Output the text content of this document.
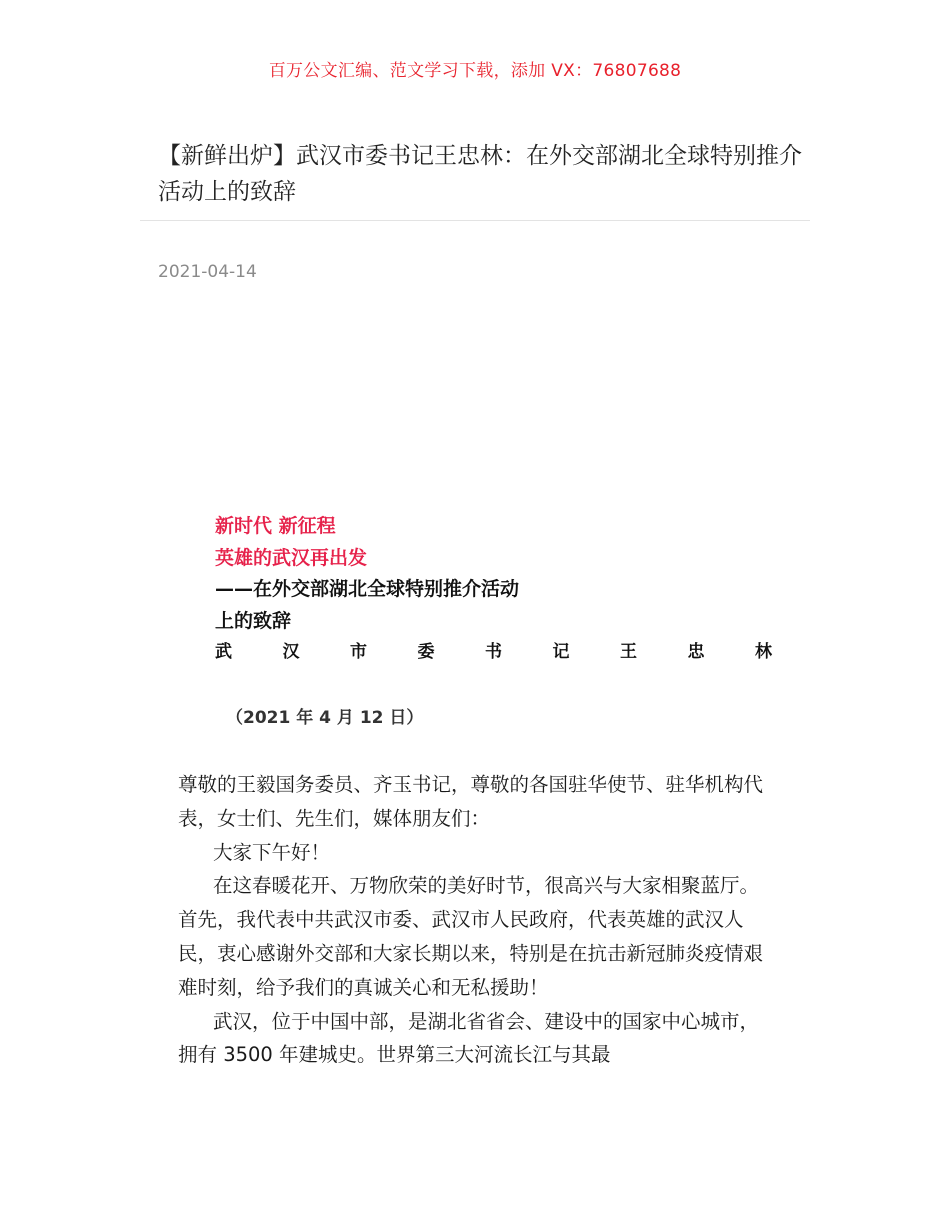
百万公文汇编、范文学习下载，添加 VX：76807688
【新鲜出炉】武汉市委书记王忠林：在外交部湖北全球特别推介活动上的致辞
2021-04-14
新时代 新征程
英雄的武汉再出发
——在外交部湖北全球特别推介活动
上的致辞
武	汉	市	委	书	记	王	忠	林
（2021 年 4 月 12 日）

尊敬的王毅国务委员、齐玉书记，尊敬的各国驻华使节、驻华机构代表，女士们、先生们，媒体朋友们：

大家下午好！

在这春暖花开、万物欣荣的美好时节，很高兴与大家相聚蓝厅。首先，我代表中共武汉市委、武汉市人民政府，代表英雄的武汉人民，衷心感谢外交部和大家长期以来，特别是在抗击新冠肺炎疫情艰难时刻，给予我们的真诚关心和无私援助！

武汉，位于中国中部，是湖北省省会、建设中的国家中心城市，拥有 3500 年建城史。世界第三大河流长江与其最
